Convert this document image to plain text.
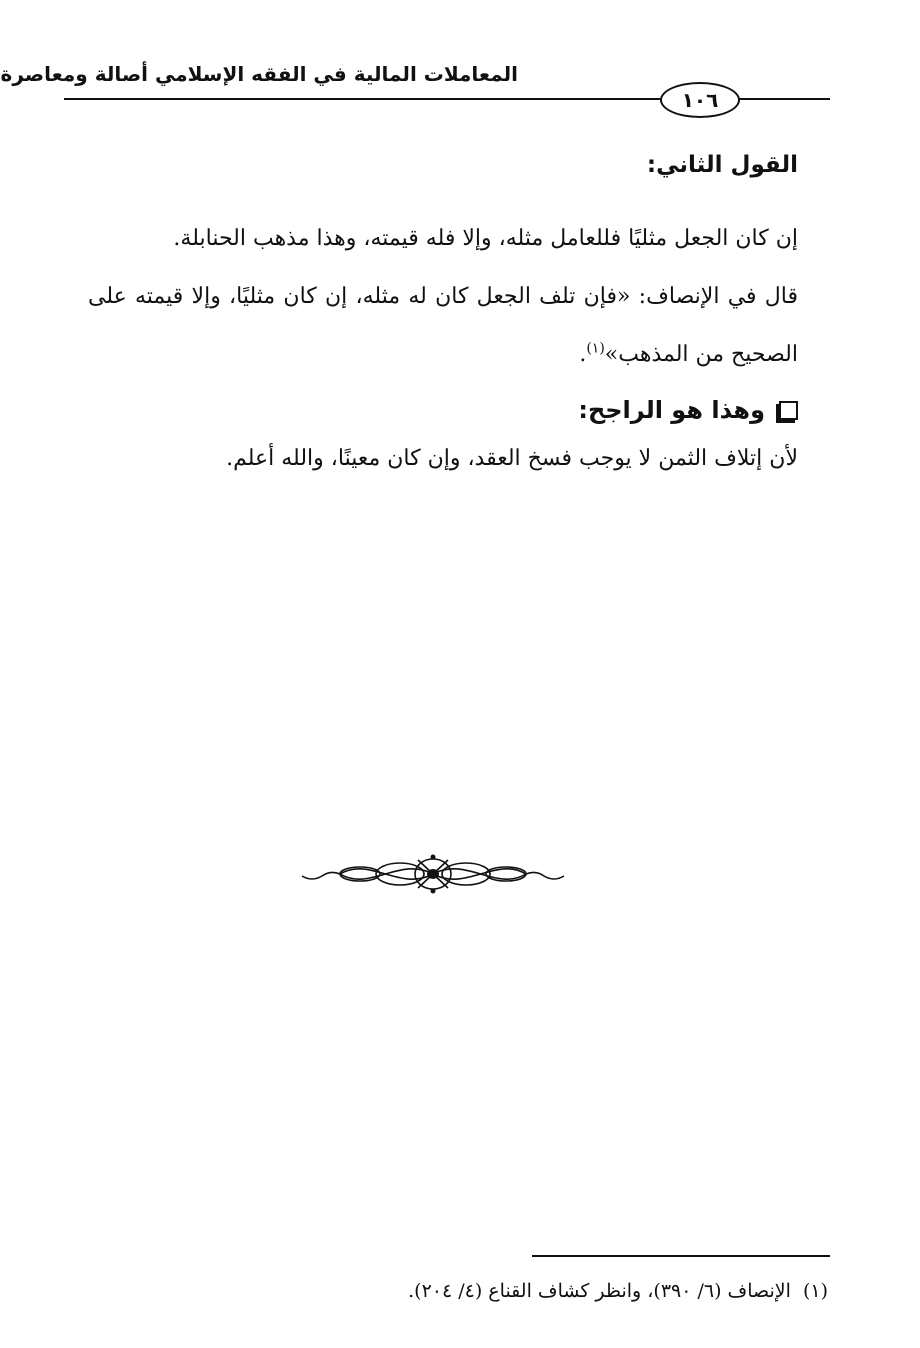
المعاملات المالية في الفقه الإسلامي أصالة ومعاصرة
١٠٦

القول الثاني:

إن كان الجعل مثليًا فللعامل مثله، وإلا فله قيمته، وهذا مذهب الحنابلة.

قال في الإنصاف: «فإن تلف الجعل كان له مثله، إن كان مثليًا، وإلا قيمته على الصحيح من المذهب»$^{(١)}$.

وهذا هو الراجح:

لأن إتلاف الثمن لا يوجب فسخ العقد، وإن كان معينًا، والله أعلم.

(١)الإنصاف (٦/ ٣٩٠)، وانظر كشاف القناع (٤/ ٢٠٤).
